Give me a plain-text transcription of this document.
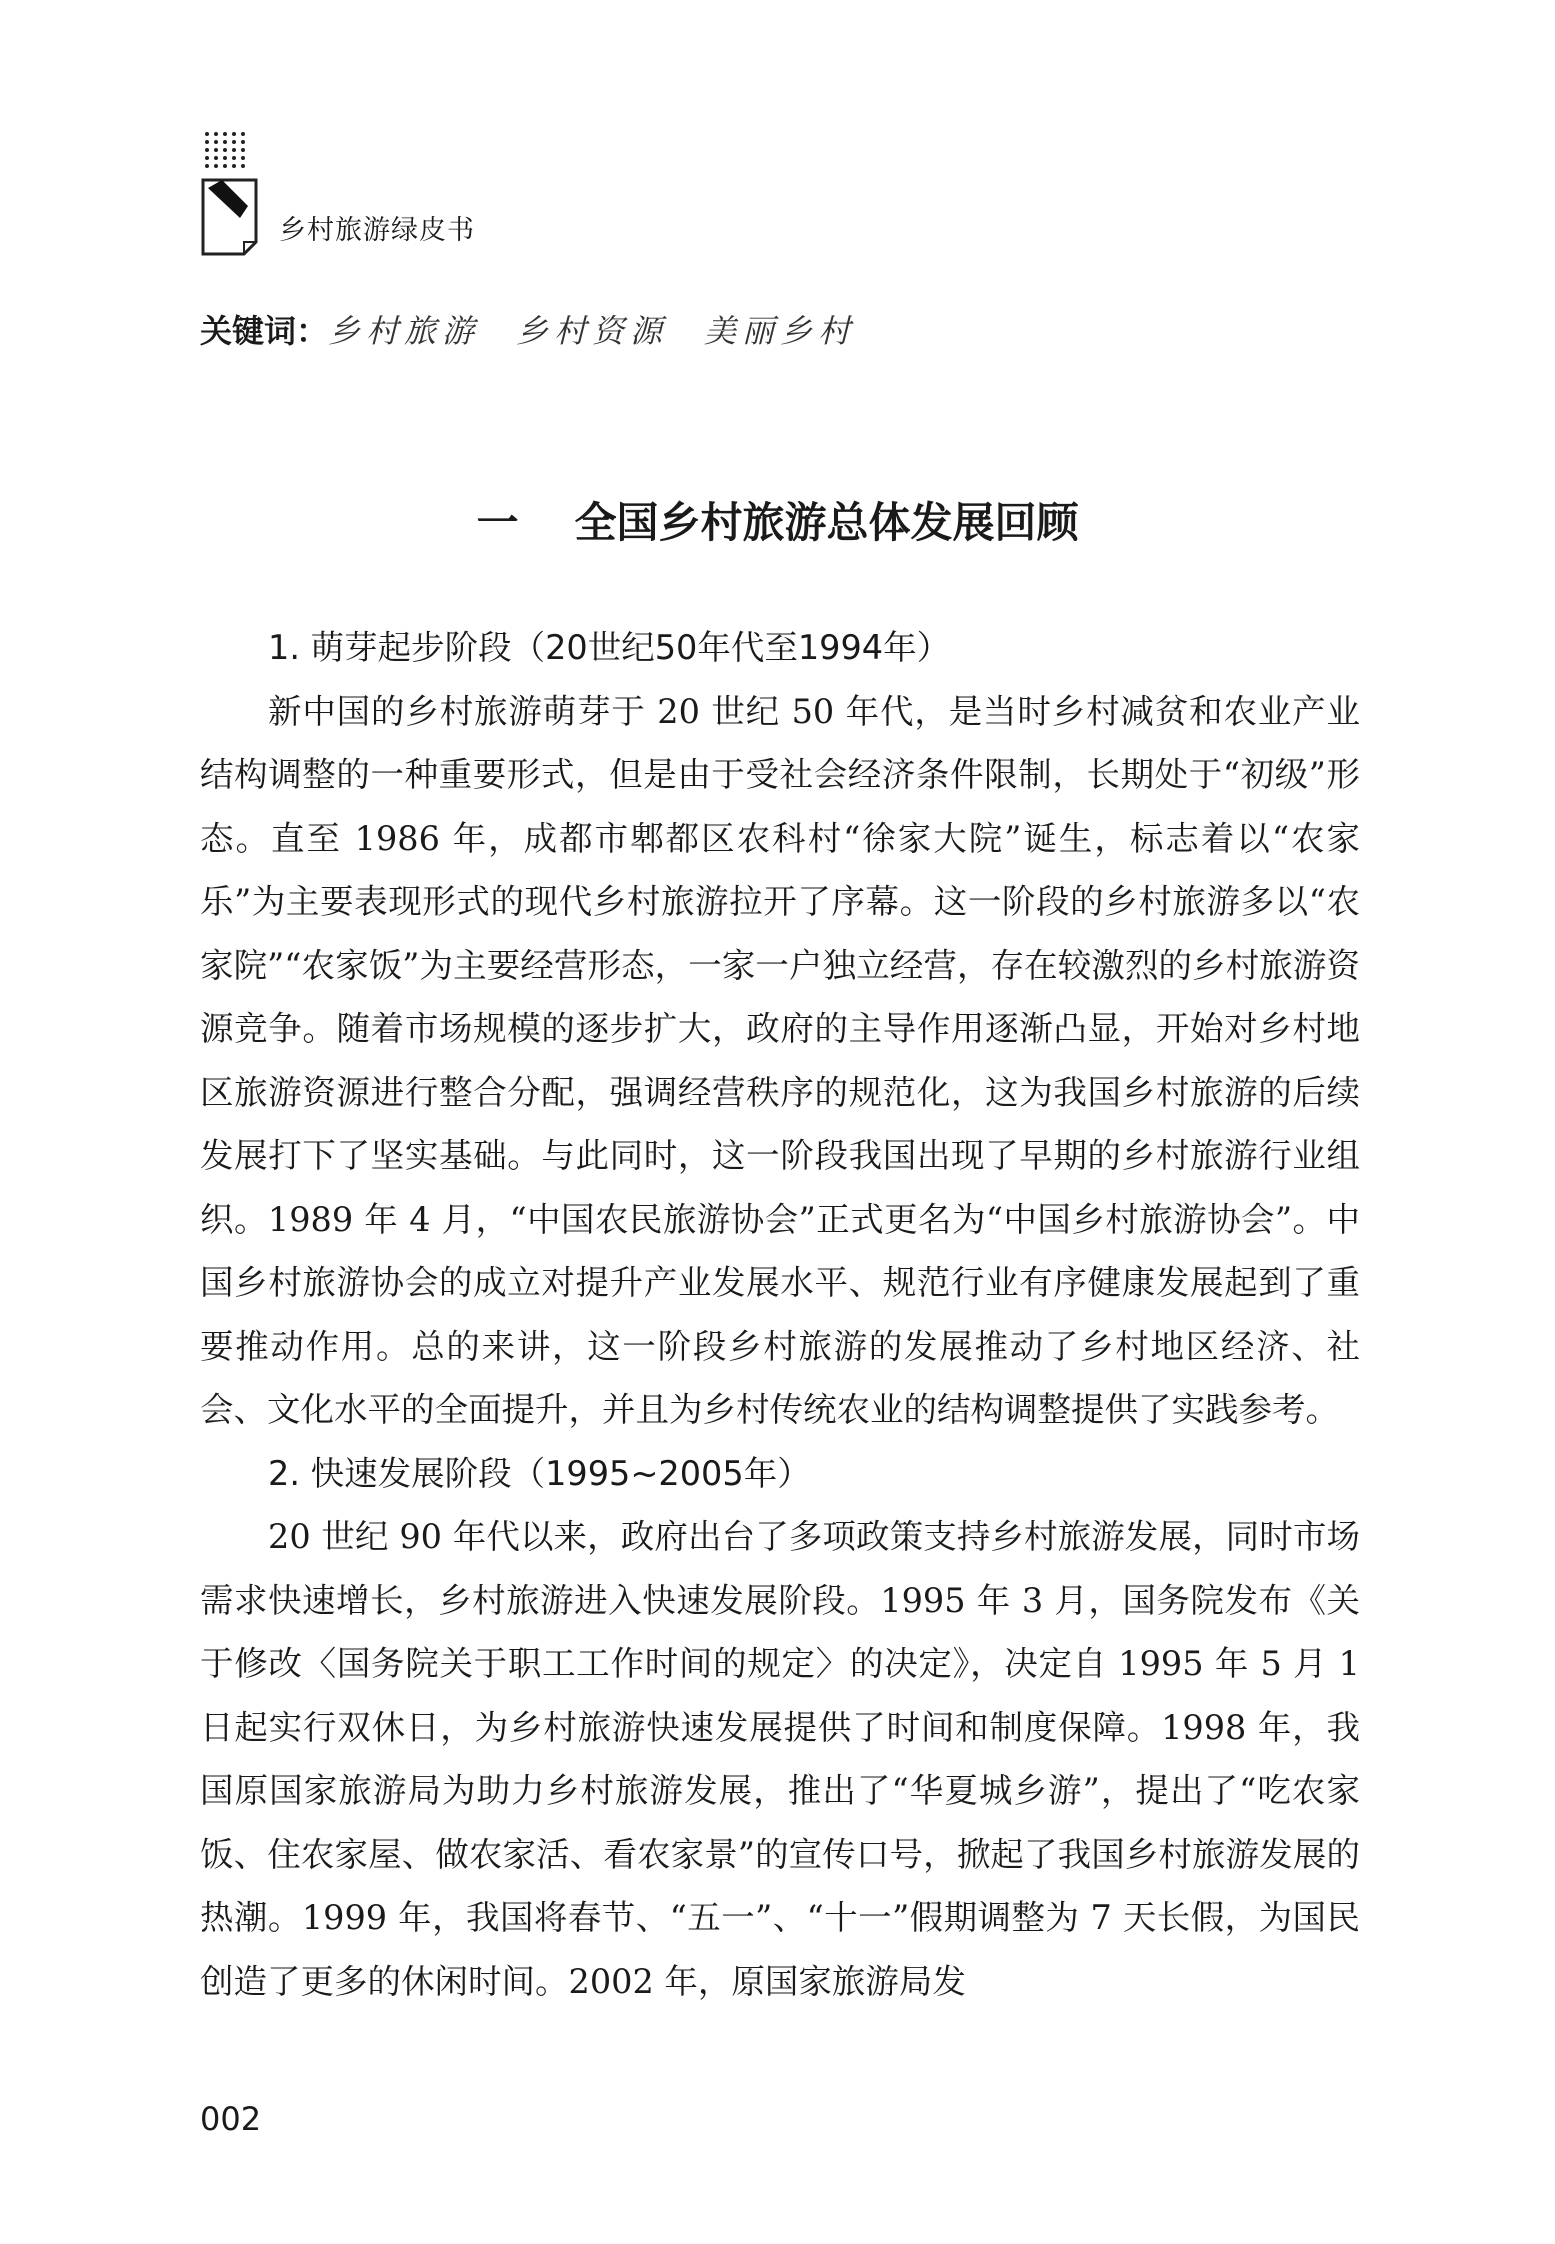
乡村旅游绿皮书
关键词：乡村旅游 乡村资源 美丽乡村
一 全国乡村旅游总体发展回顾

1. 萌芽起步阶段（20世纪50年代至1994年）

新中国的乡村旅游萌芽于 20 世纪 50 年代，是当时乡村减贫和农业产业结构调整的一种重要形式，但是由于受社会经济条件限制，长期处于“初级”形态。直至 1986 年，成都市郫都区农科村“徐家大院”诞生，标志着以“农家乐”为主要表现形式的现代乡村旅游拉开了序幕。这一阶段的乡村旅游多以“农家院”“农家饭”为主要经营形态，一家一户独立经营，存在较激烈的乡村旅游资源竞争。随着市场规模的逐步扩大，政府的主导作用逐渐凸显，开始对乡村地区旅游资源进行整合分配，强调经营秩序的规范化，这为我国乡村旅游的后续发展打下了坚实基础。与此同时，这一阶段我国出现了早期的乡村旅游行业组织。1989 年 4 月，“中国农民旅游协会”正式更名为“中国乡村旅游协会”。中国乡村旅游协会的成立对提升产业发展水平、规范行业有序健康发展起到了重要推动作用。总的来讲，这一阶段乡村旅游的发展推动了乡村地区经济、社会、文化水平的全面提升，并且为乡村传统农业的结构调整提供了实践参考。

2. 快速发展阶段（1995~2005年）

20 世纪 90 年代以来，政府出台了多项政策支持乡村旅游发展，同时市场需求快速增长，乡村旅游进入快速发展阶段。1995 年 3 月，国务院发布《关于修改〈国务院关于职工工作时间的规定〉的决定》，决定自 1995 年 5 月 1 日起实行双休日，为乡村旅游快速发展提供了时间和制度保障。1998 年，我国原国家旅游局为助力乡村旅游发展，推出了“华夏城乡游”，提出了“吃农家饭、住农家屋、做农家活、看农家景”的宣传口号，掀起了我国乡村旅游发展的热潮。1999 年，我国将春节、“五一”、“十一”假期调整为 7 天长假，为国民创造了更多的休闲时间。2002 年，原国家旅游局发

002
